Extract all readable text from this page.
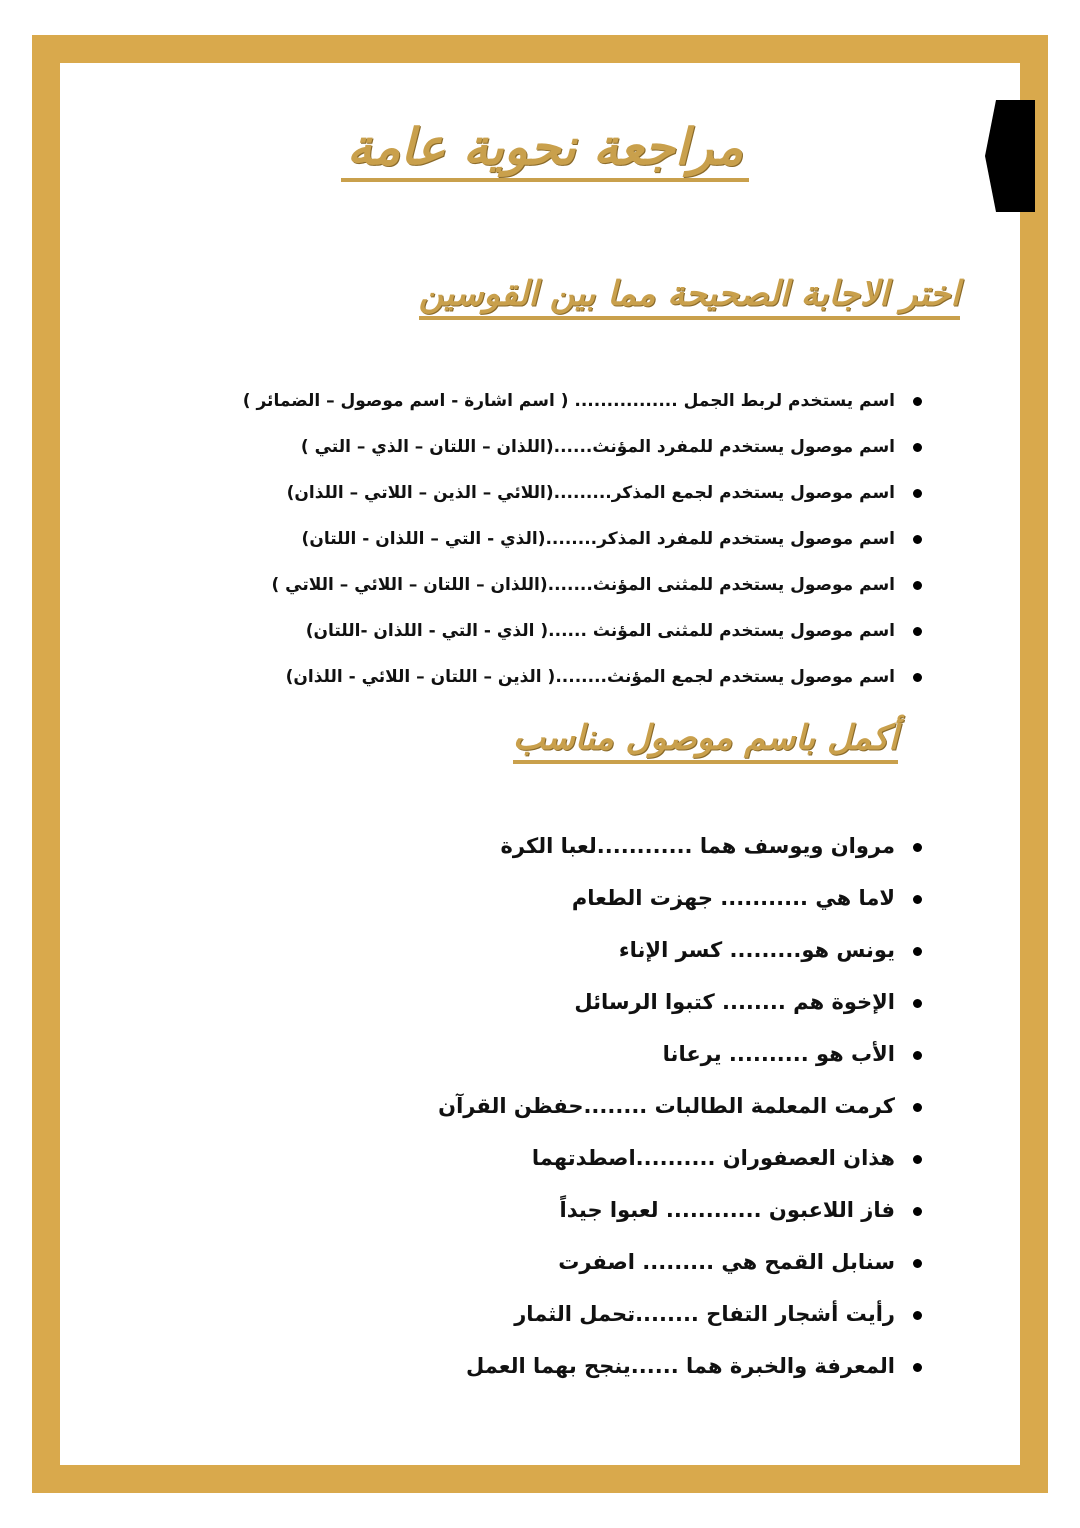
مراجعة نحوية عامة
اختر الاجابة الصحيحة مما بين القوسين
اسم يستخدم لربط الجمل ................ ( اسم اشارة - اسم موصول – الضمائر )
اسم موصول يستخدم للمفرد المؤنث......(اللذان – اللتان – الذي – التي )
اسم موصول يستخدم لجمع المذكر.........(اللائي – الذين – اللاتي – اللذان)
اسم موصول يستخدم للمفرد المذكر........(الذي - التي – اللذان - اللتان)
اسم موصول يستخدم للمثنى المؤنث.......(اللذان – اللتان – اللائي – اللاتي )
اسم موصول يستخدم للمثنى المؤنث ......( الذي - التي - اللذان -اللتان)
اسم موصول يستخدم لجمع المؤنث........( الذين – اللتان – اللائي - اللذان)
أكمل باسم موصول مناسب
مروان ويوسف هما ............لعبا الكرة
لاما هي ........... جهزت الطعام
يونس هو......... كسر الإناء
الإخوة هم ........ كتبوا الرسائل
الأب هو .......... يرعانا
كرمت المعلمة الطالبات ........حفظن القرآن
هذان العصفوران ..........اصطدتهما
فاز اللاعبون ............ لعبوا جيداً
سنابل القمح هي ......... اصفرت
رأيت أشجار التفاح ........تحمل الثمار
المعرفة والخبرة هما ......ينجح بهما العمل
